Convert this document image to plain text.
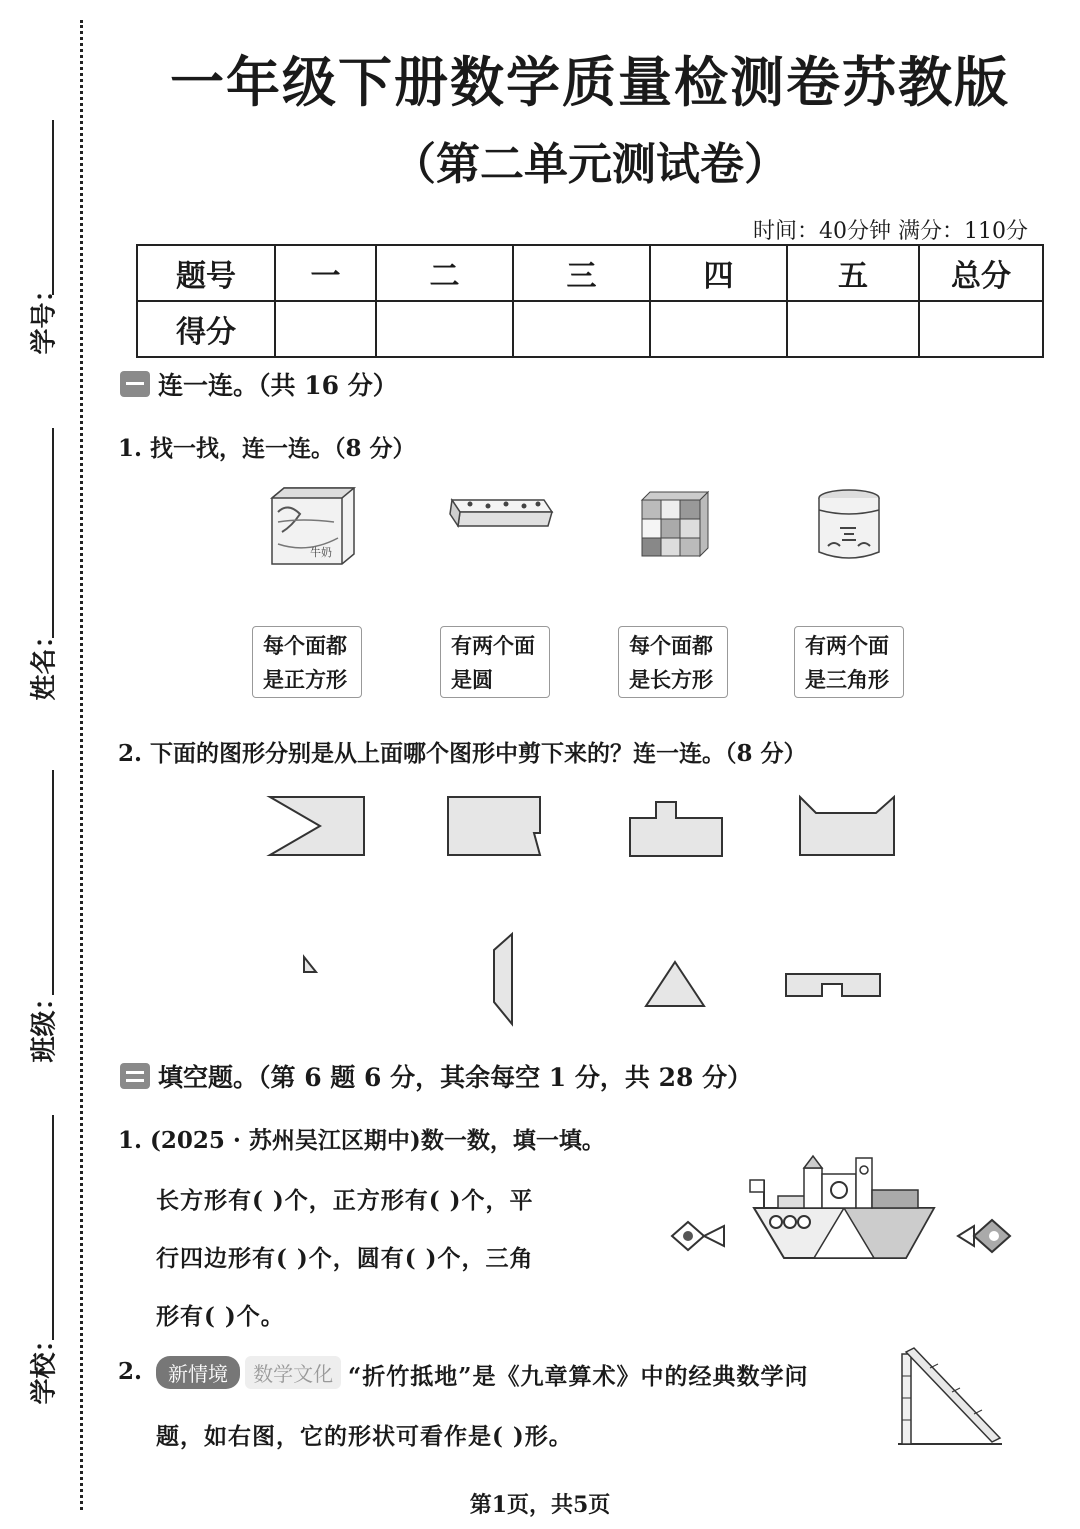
学号：
姓名：
班级：
学校：
一年级下册数学质量检测卷苏教版
（第二单元测试卷）
时间：40分钟 满分：110分
题号	一	二	三	四	五	总分
得分						
连一连。（共 16 分）
1. 找一找，连一连。（8 分）
牛奶
每个面都
是正方形
有两个面
是圆
每个面都
是长方形
有两个面
是三角形
2. 下面的图形分别是从上面哪个图形中剪下来的？连一连。（8 分）
填空题。（第 6 题 6 分，其余每空 1 分，共 28 分）
1. (2025 · 苏州吴江区期中)数一数，填一填。
长方形有( )个，正方形有( )个，平
行四边形有( )个，圆有( )个，三角
形有( )个。
2.	新情境 数学文化 “折竹抵地”是《九章算术》中的经典数学问
题，如右图，它的形状可看作是( )形。
第1页，共5页
